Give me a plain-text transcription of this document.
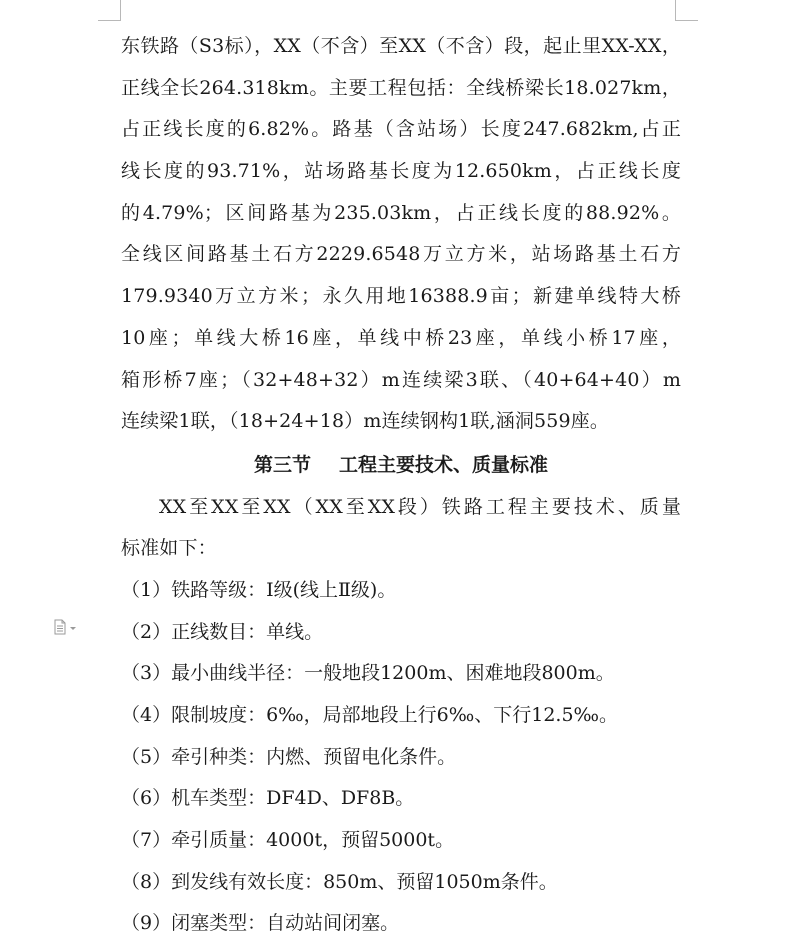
东铁路（S3标），XX（不含）至XX（不含）段，起止里XX-XX，
正线全长264.318km。主要工程包括：全线桥梁长18.027km，
占正线长度的6.82%。路基（含站场）长度247.682km,占正
线长度的93.71%，站场路基长度为12.650km，占正线长度
的4.79%；区间路基为235.03km，占正线长度的88.92%。
全线区间路基土石方2229.6548万立方米，站场路基土石方
179.9340万立方米；永久用地16388.9亩；新建单线特大桥
10座；单线大桥16座，单线中桥23座，单线小桥17座，
箱形桥7座；（32+48+32）m连续梁3联、（40+64+40）m
连续梁1联，（18+24+18）m连续钢构1联,涵洞559座。
第三节 工程主要技术、质量标准
XX至XX至XX（XX至XX段）铁路工程主要技术、质量
标准如下：
（1）铁路等级：Ⅰ级(线上Ⅱ级)。
（2）正线数目：单线。
（3）最小曲线半径：一般地段1200m、困难地段800m。
（4）限制坡度：6‰，局部地段上行6‰、下行12.5‰。
（5）牵引种类：内燃、预留电化条件。
（6）机车类型：DF4D、DF8B。
（7）牵引质量：4000t，预留5000t。
（8）到发线有效长度：850m、预留1050m条件。
（9）闭塞类型：自动站间闭塞。
